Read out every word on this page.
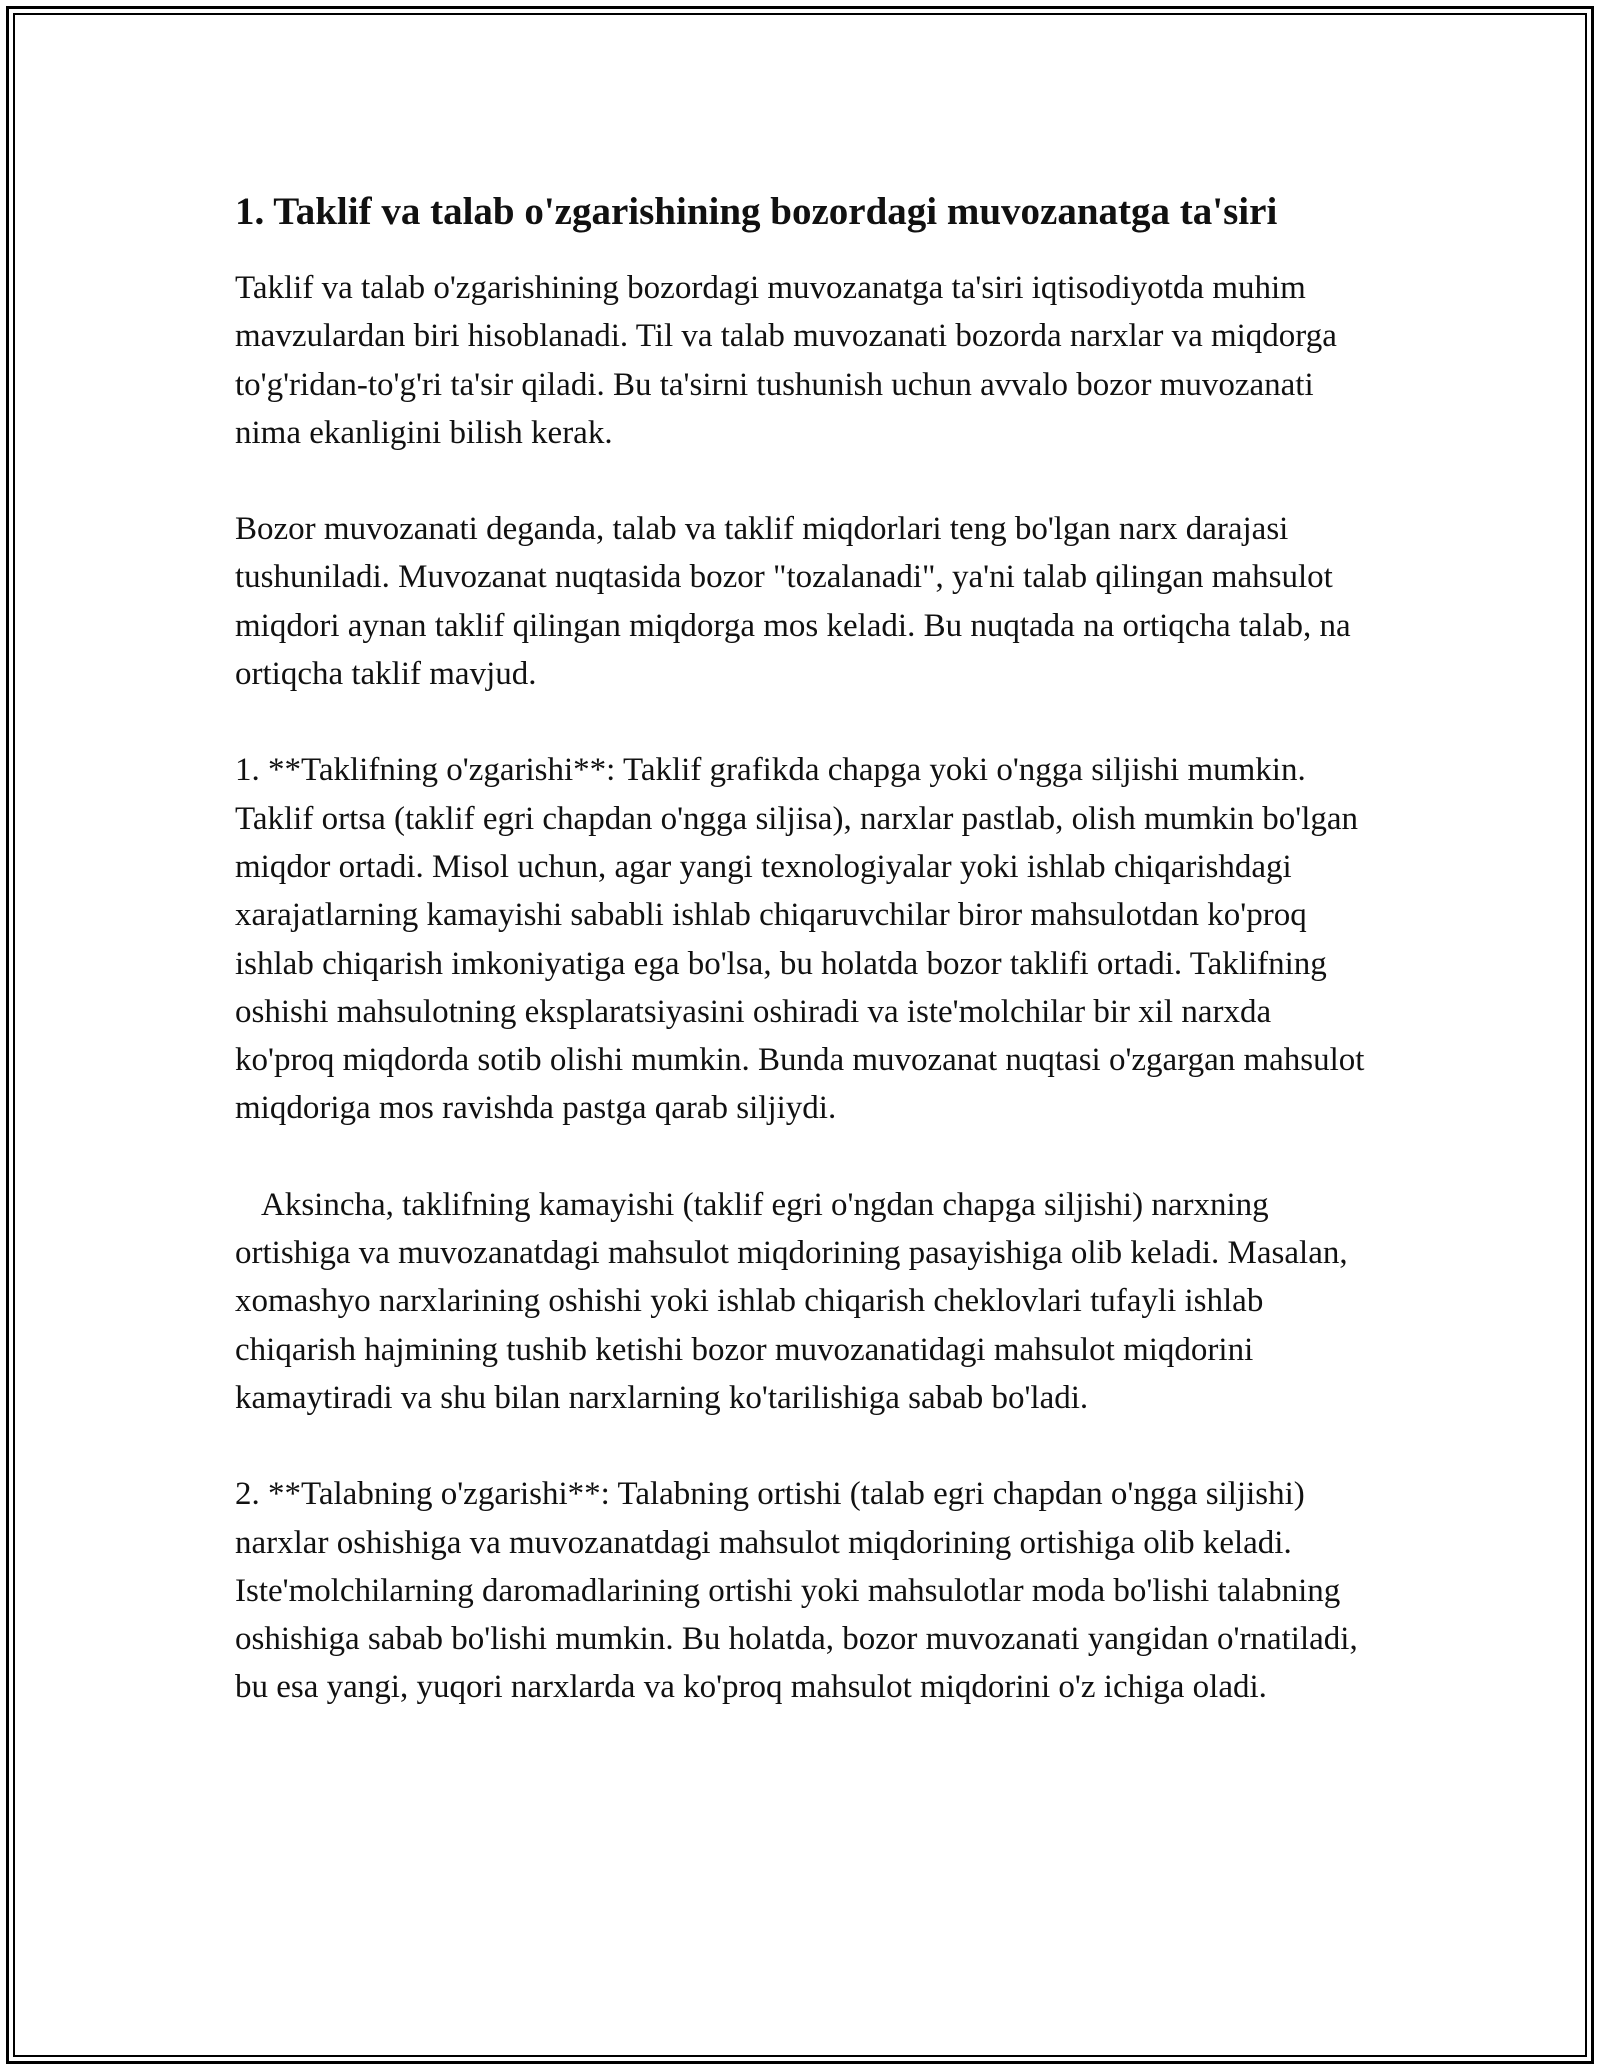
1. Taklif va talab o'zgarishining bozordagi muvozanatga ta'siri

Taklif va talab o'zgarishining bozordagi muvozanatga ta'siri iqtisodiyotda muhim mavzulardan biri hisoblanadi. Til va talab muvozanati bozorda narxlar va miqdorga to'g'ridan-to'g'ri ta'sir qiladi. Bu ta'sirni tushunish uchun avvalo bozor muvozanati nima ekanligini bilish kerak.

Bozor muvozanati deganda, talab va taklif miqdorlari teng bo'lgan narx darajasi tushuniladi. Muvozanat nuqtasida bozor "tozalanadi", ya'ni talab qilingan mahsulot miqdori aynan taklif qilingan miqdorga mos keladi. Bu nuqtada na ortiqcha talab, na ortiqcha taklif mavjud.

1. **Taklifning o'zgarishi**: Taklif grafikda chapga yoki o'ngga siljishi mumkin. Taklif ortsa (taklif egri chapdan o'ngga siljisa), narxlar pastlab, olish mumkin bo'lgan miqdor ortadi. Misol uchun, agar yangi texnologiyalar yoki ishlab chiqarishdagi xarajatlarning kamayishi sababli ishlab chiqaruvchilar biror mahsulotdan ko'proq ishlab chiqarish imkoniyatiga ega bo'lsa, bu holatda bozor taklifi ortadi. Taklifning oshishi mahsulotning eksplaratsiyasini oshiradi va iste'molchilar bir xil narxda ko'proq miqdorda sotib olishi mumkin. Bunda muvozanat nuqtasi o'zgargan mahsulot miqdoriga mos ravishda pastga qarab siljiydi.

Aksincha, taklifning kamayishi (taklif egri o'ngdan chapga siljishi) narxning ortishiga va muvozanatdagi mahsulot miqdorining pasayishiga olib keladi. Masalan, xomashyo narxlarining oshishi yoki ishlab chiqarish cheklovlari tufayli ishlab chiqarish hajmining tushib ketishi bozor muvozanatidagi mahsulot miqdorini kamaytiradi va shu bilan narxlarning ko'tarilishiga sabab bo'ladi.

2. **Talabning o'zgarishi**: Talabning ortishi (talab egri chapdan o'ngga siljishi) narxlar oshishiga va muvozanatdagi mahsulot miqdorining ortishiga olib keladi. Iste'molchilarning daromadlarining ortishi yoki mahsulotlar moda bo'lishi talabning oshishiga sabab bo'lishi mumkin. Bu holatda, bozor muvozanati yangidan o'rnatiladi, bu esa yangi, yuqori narxlarda va ko'proq mahsulot miqdorini o'z ichiga oladi.
